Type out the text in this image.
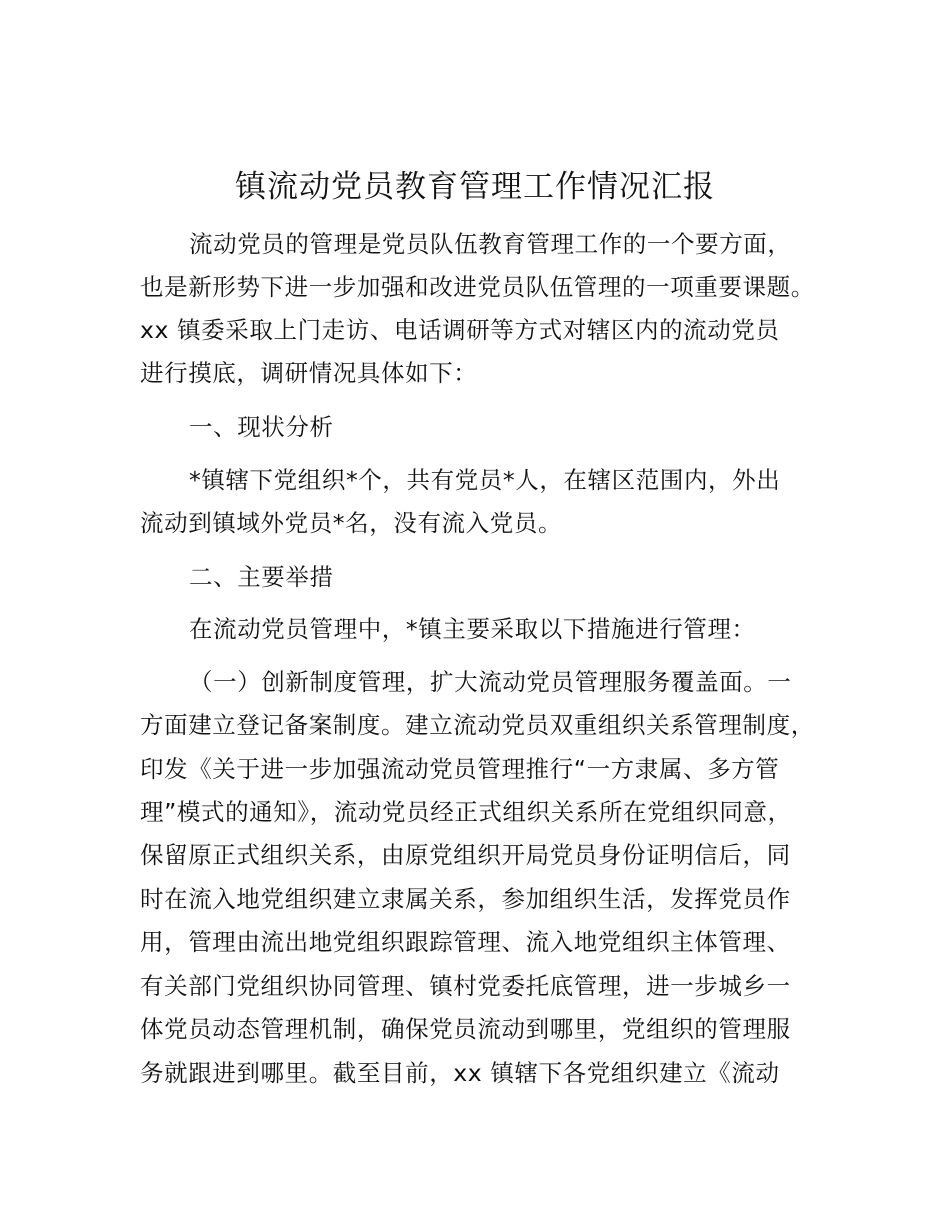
镇流动党员教育管理工作情况汇报
流动党员的管理是党员队伍教育管理工作的一个要方面，
也是新形势下进一步加强和改进党员队伍管理的一项重要课题。
xx 镇委采取上门走访、电话调研等方式对辖区内的流动党员
进行摸底，调研情况具体如下：
一、现状分析
*镇辖下党组织*个，共有党员*人，在辖区范围内，外出
流动到镇域外党员*名，没有流入党员。
二、主要举措
在流动党员管理中，*镇主要采取以下措施进行管理：
（一）创新制度管理，扩大流动党员管理服务覆盖面。一
方面建立登记备案制度。建立流动党员双重组织关系管理制度，
印发《关于进一步加强流动党员管理推行“一方隶属、多方管
理”模式的通知》，流动党员经正式组织关系所在党组织同意，
保留原正式组织关系，由原党组织开局党员身份证明信后，同
时在流入地党组织建立隶属关系，参加组织生活，发挥党员作
用，管理由流出地党组织跟踪管理、流入地党组织主体管理、
有关部门党组织协同管理、镇村党委托底管理，进一步城乡一
体党员动态管理机制，确保党员流动到哪里，党组织的管理服
务就跟进到哪里。截至目前，xx 镇辖下各党组织建立《流动
